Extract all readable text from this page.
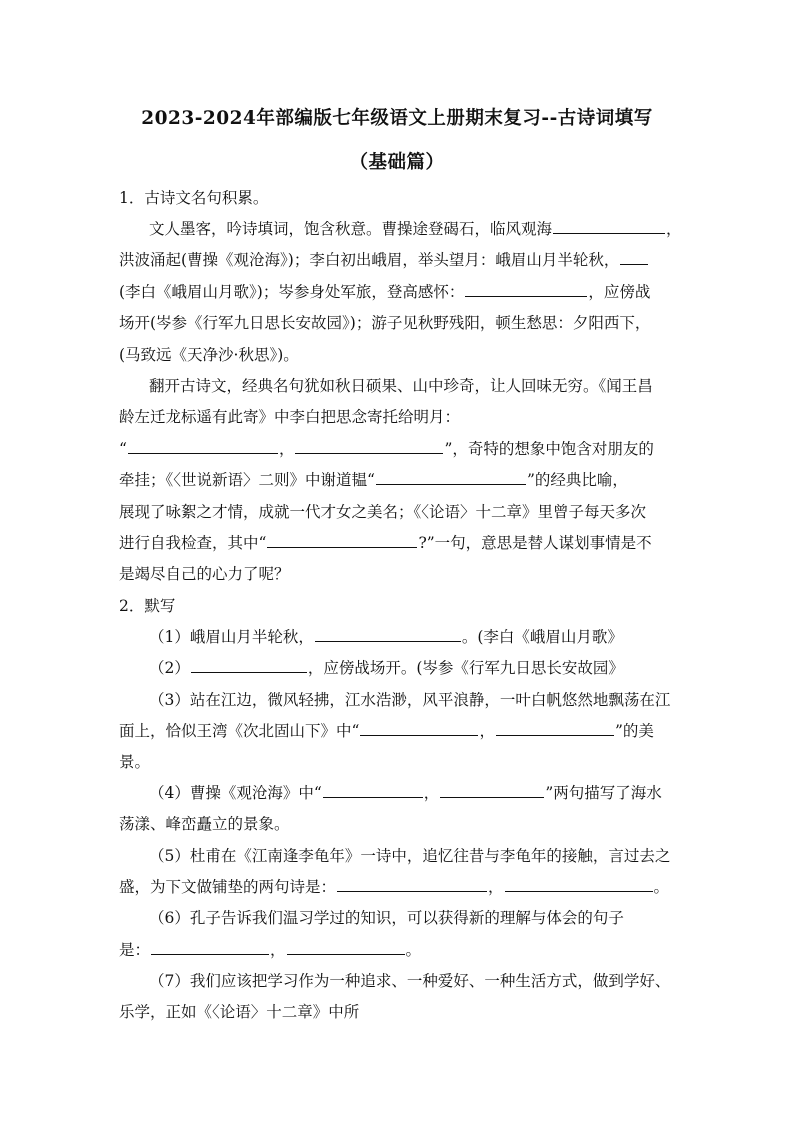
2023-2024年部编版七年级语文上册期末复习--古诗词填写
（基础篇）
1．古诗文名句积累。
文人墨客，吟诗填词，饱含秋意。曹操途登碣石，临风观海	，
洪波涌起(曹操《观沧海》)；李白初出峨眉，举头望月：峨眉山月半轮秋，
(李白《峨眉山月歌》)；岑参身处军旅，登高感怀：	，应傍战
场开(岑参《行军九日思长安故园》)；游子见秋野残阳，顿生愁思：夕阳西下，
(马致远《天净沙·秋思》)。
翻开古诗文，经典名句犹如秋日硕果、山中珍奇，让人回味无穷。《闻王昌
龄左迁龙标遥有此寄》中李白把思念寄托给明月：
“	，	”，奇特的想象中饱含对朋友的
牵挂；《〈世说新语〉二则》中谢道韫“	”的经典比喻，
展现了咏絮之才情，成就一代才女之美名；《〈论语〉十二章》里曾子每天多次
进行自我检查，其中“	?”一句，意思是替人谋划事情是不
是竭尽自己的心力了呢？
2．默写
（1）峨眉山月半轮秋，	。(李白《峨眉山月歌》
（2）	，应傍战场开。(岑参《行军九日思长安故园》
（3）站在江边，微风轻拂，江水浩渺，风平浪静，一叶白帆悠然地飘荡在江
面上，恰似王湾《次北固山下》中“	，	”的美
景。
（4）曹操《观沧海》中“	，	”两句描写了海水
荡漾、峰峦矗立的景象。
（5）杜甫在《江南逢李龟年》一诗中，追忆往昔与李龟年的接触，言过去之
盛，为下文做铺垫的两句诗是：	，	。
（6）孔子告诉我们温习学过的知识，可以获得新的理解与体会的句子
是：	，	。
（7）我们应该把学习作为一种追求、一种爱好、一种生活方式，做到学好、
乐学，正如《〈论语〉十二章》中所
